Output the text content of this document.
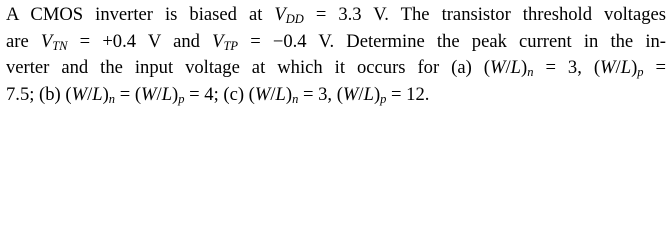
A CMOS inverter is biased at $V_{DD} = 3.3$ V. The transistor threshold voltages
are $V_{TN} = +0.4$ V and $V_{TP} = -0.4$ V. Determine the peak current in the in-
verter and the input voltage at which it occurs for (a) $(W/L)_n = 3$, $(W/L)_p$ =
7.5; (b) $(W/L)_n = (W/L)_p = 4$; (c) $(W/L)_n = 3$, $(W/L)_p = 12$.
